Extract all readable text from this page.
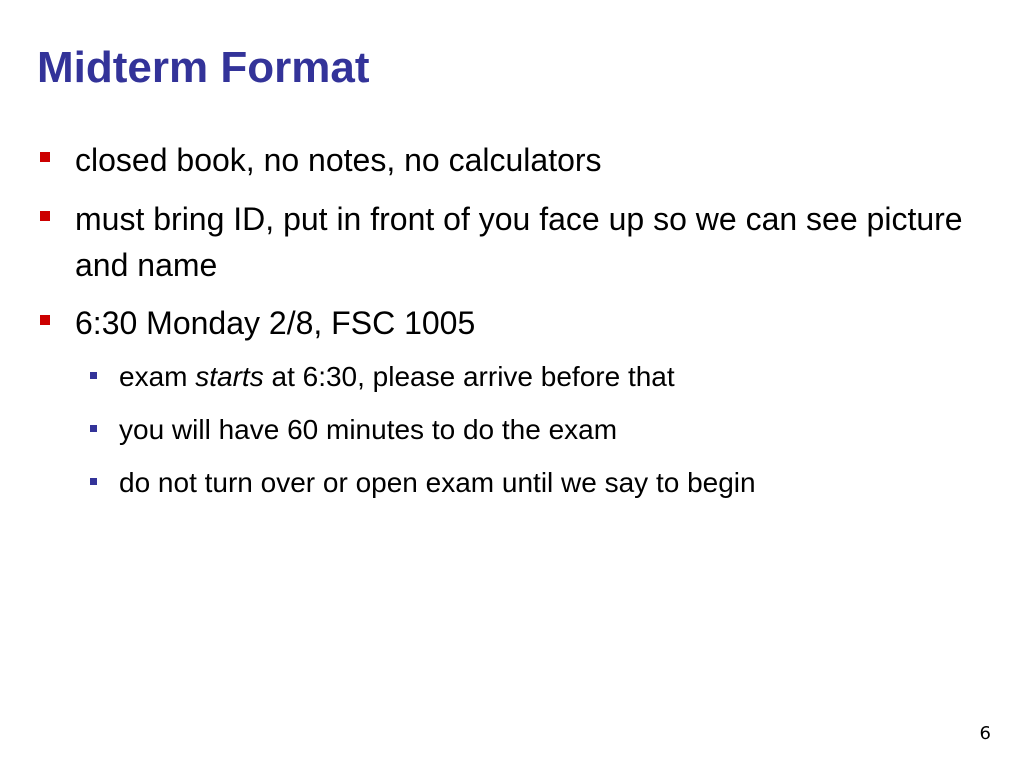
Midterm Format
closed book, no notes, no calculators
must bring ID, put in front of you face up so we can see picture and name
6:30 Monday 2/8, FSC 1005
exam starts at 6:30, please arrive before that
you will have 60 minutes to do the exam
do not turn over or open exam until we say to begin
6
